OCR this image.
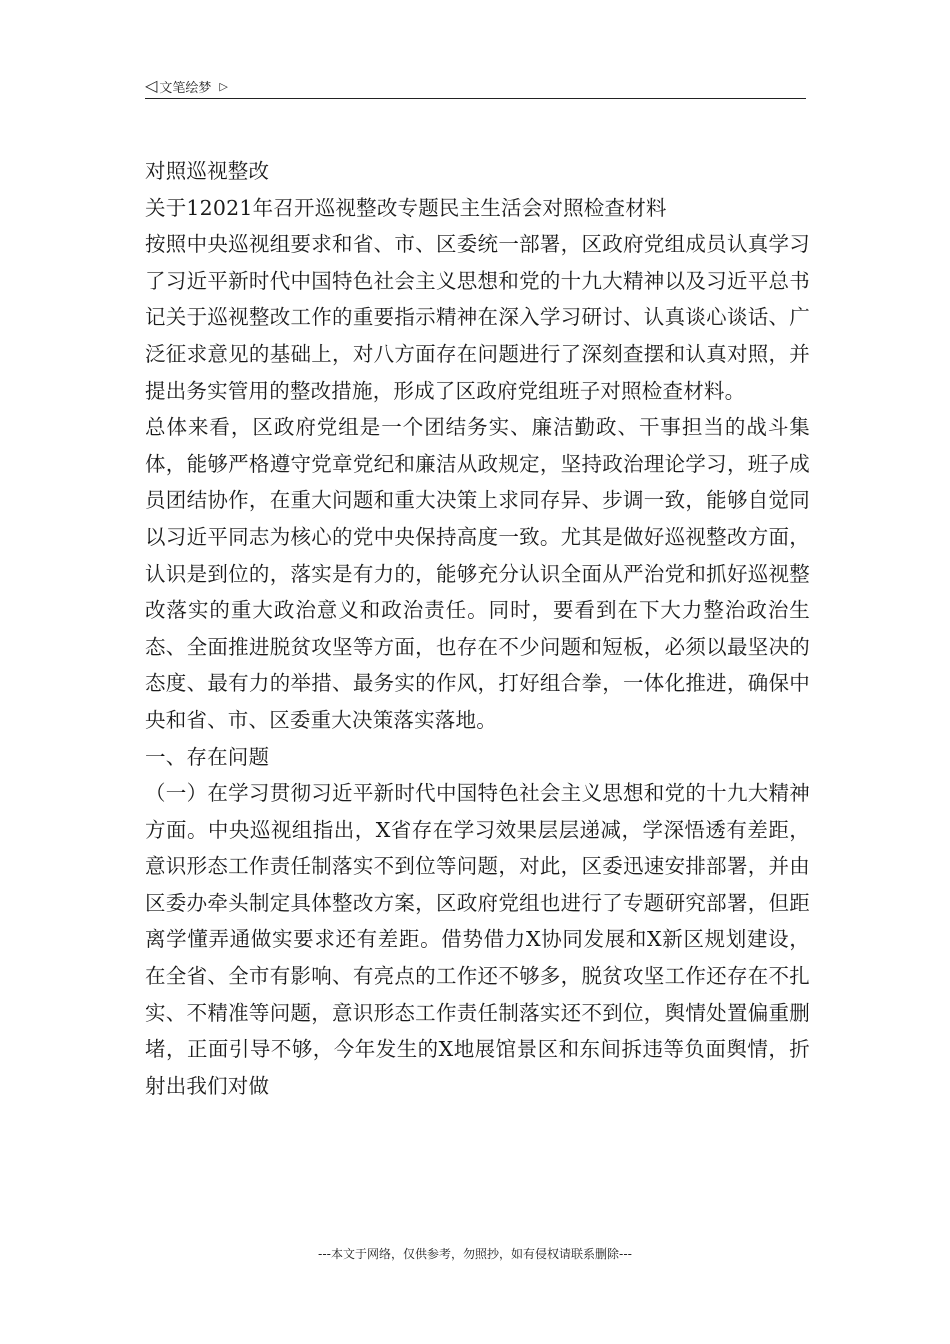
◁ 文笔绘梦 ▷

对照巡视整改

关于12021年召开巡视整改专题民主生活会对照检查材料

按照中央巡视组要求和省、市、区委统一部署，区政府党组成员认真学习了习近平新时代中国特色社会主义思想和党的十九大精神以及习近平总书记关于巡视整改工作的重要指示精神在深入学习研讨、认真谈心谈话、广泛征求意见的基础上，对八方面存在问题进行了深刻查摆和认真对照，并提出务实管用的整改措施，形成了区政府党组班子对照检查材料。

总体来看，区政府党组是一个团结务实、廉洁勤政、干事担当的战斗集体，能够严格遵守党章党纪和廉洁从政规定，坚持政治理论学习，班子成员团结协作，在重大问题和重大决策上求同存异、步调一致，能够自觉同以习近平同志为核心的党中央保持高度一致。尤其是做好巡视整改方面，认识是到位的，落实是有力的，能够充分认识全面从严治党和抓好巡视整改落实的重大政治意义和政治责任。同时，要看到在下大力整治政治生态、全面推进脱贫攻坚等方面，也存在不少问题和短板，必须以最坚决的态度、最有力的举措、最务实的作风，打好组合拳，一体化推进，确保中央和省、市、区委重大决策落实落地。

一、存在问题

（一）在学习贯彻习近平新时代中国特色社会主义思想和党的十九大精神方面。中央巡视组指出，X省存在学习效果层层递减，学深悟透有差距，意识形态工作责任制落实不到位等问题，对此，区委迅速安排部署，并由区委办牵头制定具体整改方案，区政府党组也进行了专题研究部署，但距离学懂弄通做实要求还有差距。借势借力X协同发展和X新区规划建设，在全省、全市有影响、有亮点的工作还不够多，脱贫攻坚工作还存在不扎实、不精准等问题，意识形态工作责任制落实还不到位，舆情处置偏重删堵，正面引导不够，今年发生的X地展馆景区和东间拆违等负面舆情，折射出我们对做

---本文于网络，仅供参考，勿照抄，如有侵权请联系删除---
